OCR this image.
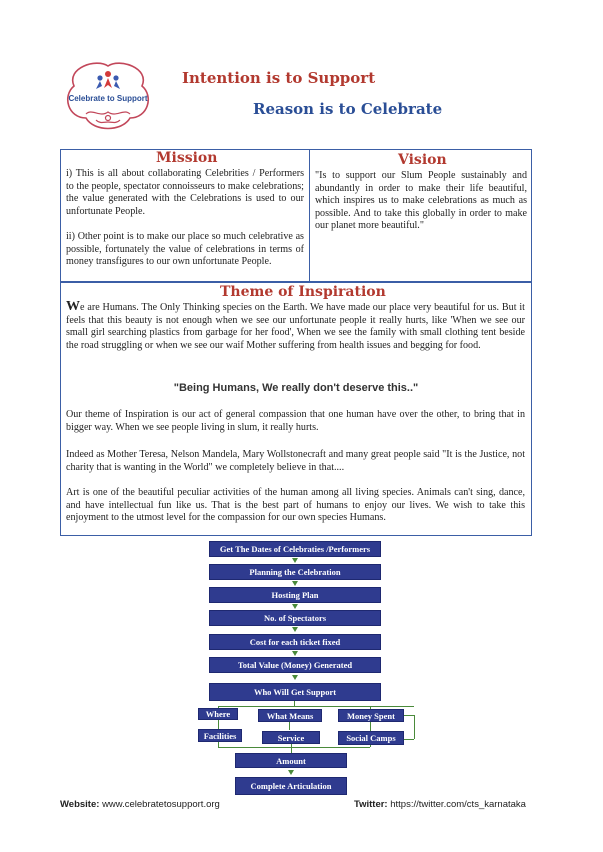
Celebrate to Support
Intention is to Support
Reason is to Celebrate
Mission	Vision
i) This is all about collaborating Celebrities / Performers to the people, spectator connoisseurs to make celebrations; the value generated with the Celebrations is used to our unfortunate People.
ii) Other point is to make our place so much celebrative as possible, fortunately the value of celebrations in terms of money transfigures to our own unfortunate People.
"Is to support our Slum People sustainably and abundantly in order to make their life beautiful, which inspires us to make celebrations as much as possible. And to take this globally in order to make our planet more beautiful."
Theme of Inspiration
We are Humans. The Only Thinking species on the Earth. We have made our place very beautiful for us. But it feels that this beauty is not enough when we see our unfortunate people it really hurts, like 'When we see our small girl searching plastics from garbage for her food', When we see the family with small clothing tent beside the road struggling or when we see our waif Mother suffering from health issues and begging for food.
"Being Humans, We really don't deserve this.."
Our theme of Inspiration is our act of general compassion that one human have over the other, to bring that in bigger way. When we see people living in slum, it really hurts.
Indeed as Mother Teresa, Nelson Mandela, Mary Wollstonecraft and many great people said "It is the Justice, not charity that is wanting in the World" we completely believe in that....
Art is one of the beautiful peculiar activities of the human among all living species. Animals can't sing, dance, and have intellectual fun like us. That is the best part of humans to enjoy our lives. We wish to take this enjoyment to the utmost level for the compassion for our own species Humans.
Get The Dates of Celebraties /Performers
Planning the Celebration
Hosting Plan
No. of Spectators
Cost for each ticket fixed
Total Value (Money) Generated
Who Will Get Support
Where	What Means	Money Spent
Facilities	Service	Social Camps
Amount
Complete Articulation
Website: www.celebratetosupport.org	Twitter: https://twitter.com/cts_karnataka
